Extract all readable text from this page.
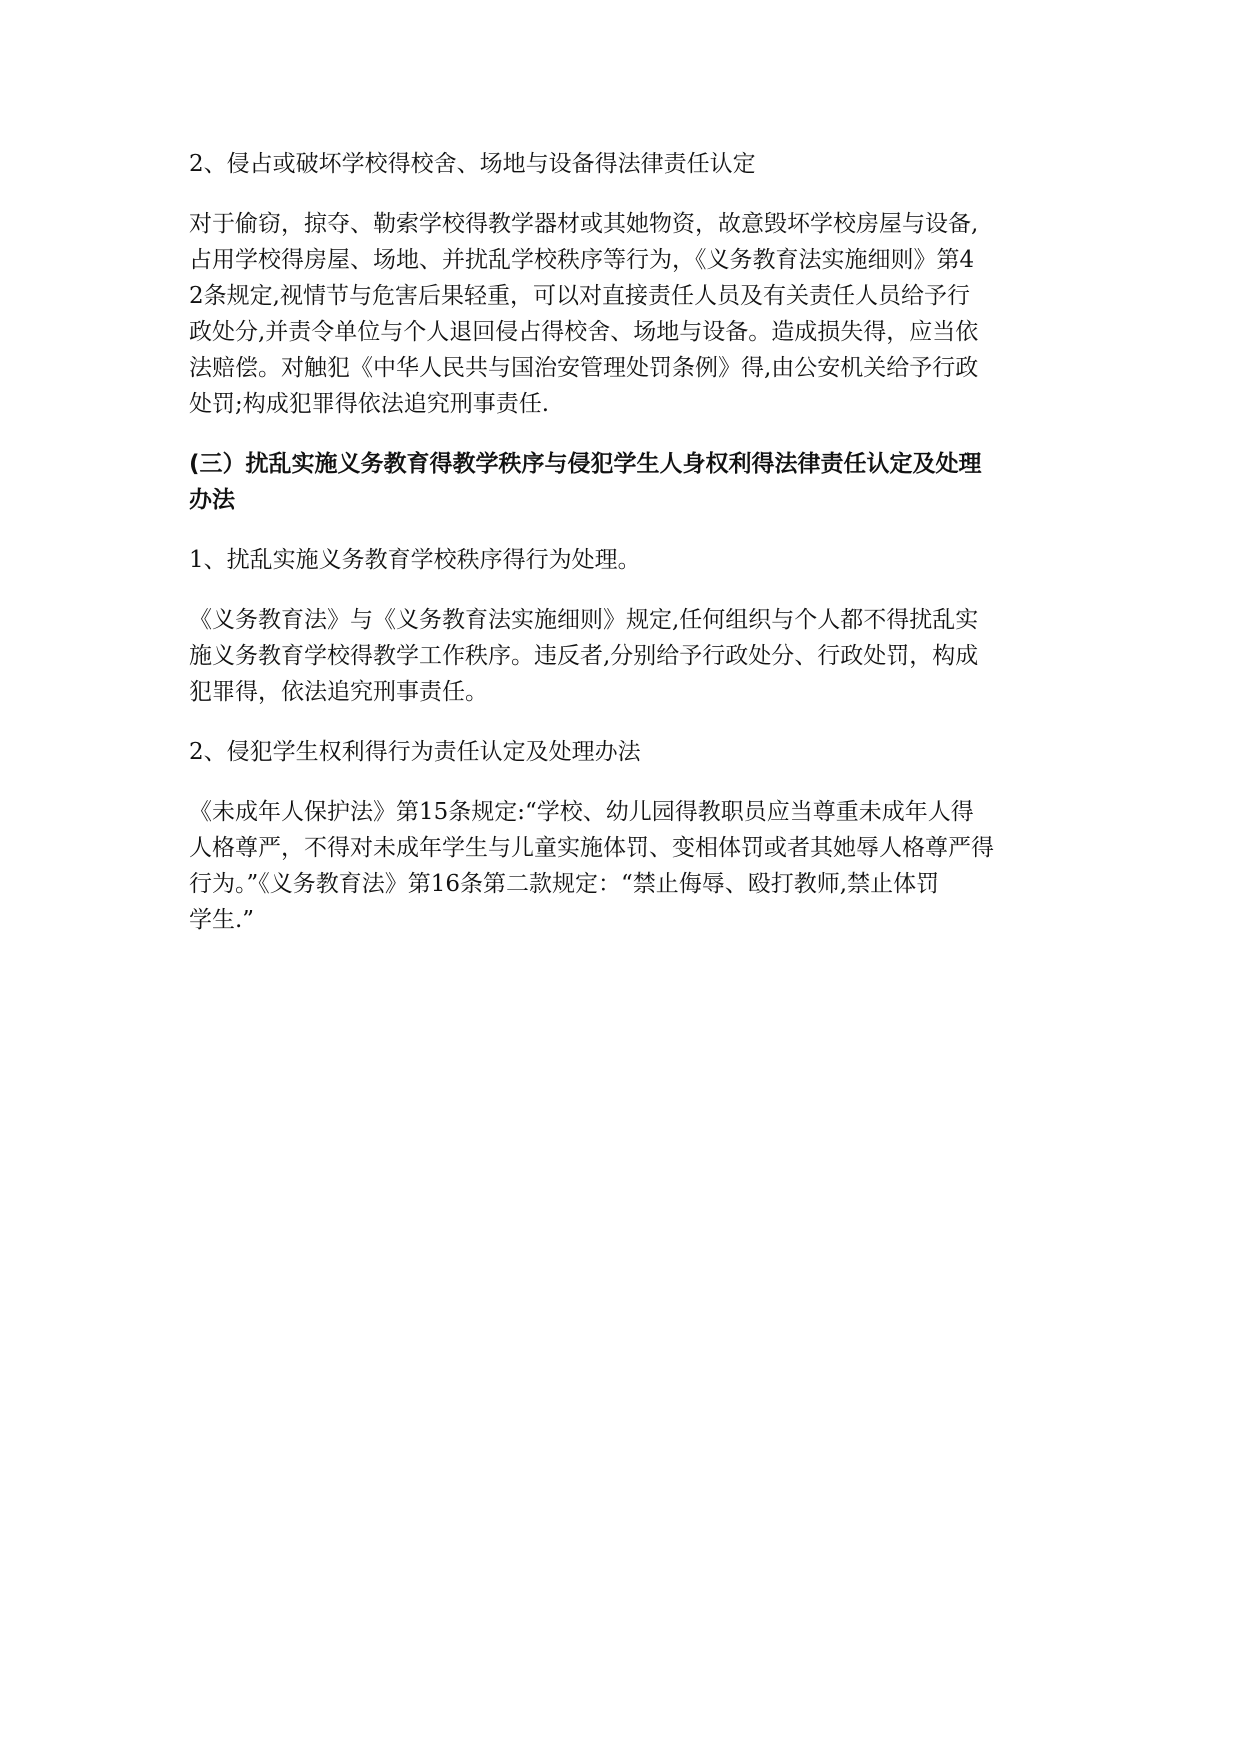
2、侵占或破坏学校得校舍、场地与设备得法律责任认定

对于偷窃，掠夺、勒索学校得教学器材或其她物资，故意毁坏学校房屋与设备,

占用学校得房屋、场地、并扰乱学校秩序等行为，《义务教育法实施细则》第4

2条规定,视情节与危害后果轻重，可以对直接责任人员及有关责任人员给予行

政处分,并责令单位与个人退回侵占得校舍、场地与设备。造成损失得，应当依

法赔偿。对触犯《中华人民共与国治安管理处罚条例》得,由公安机关给予行政

处罚;构成犯罪得依法追究刑事责任.

(三）扰乱实施义务教育得教学秩序与侵犯学生人身权利得法律责任认定及处理
办法

1、扰乱实施义务教育学校秩序得行为处理。

《义务教育法》与《义务教育法实施细则》规定,任何组织与个人都不得扰乱实

施义务教育学校得教学工作秩序。违反者,分别给予行政处分、行政处罚，构成

犯罪得，依法追究刑事责任。

2、侵犯学生权利得行为责任认定及处理办法

《未成年人保护法》第15条规定:“学校、幼儿园得教职员应当尊重未成年人得

人格尊严，不得对未成年学生与儿童实施体罚、变相体罚或者其她辱人格尊严得

行为。”《义务教育法》第16条第二款规定：“禁止侮辱、殴打教师,禁止体罚

学生.”
